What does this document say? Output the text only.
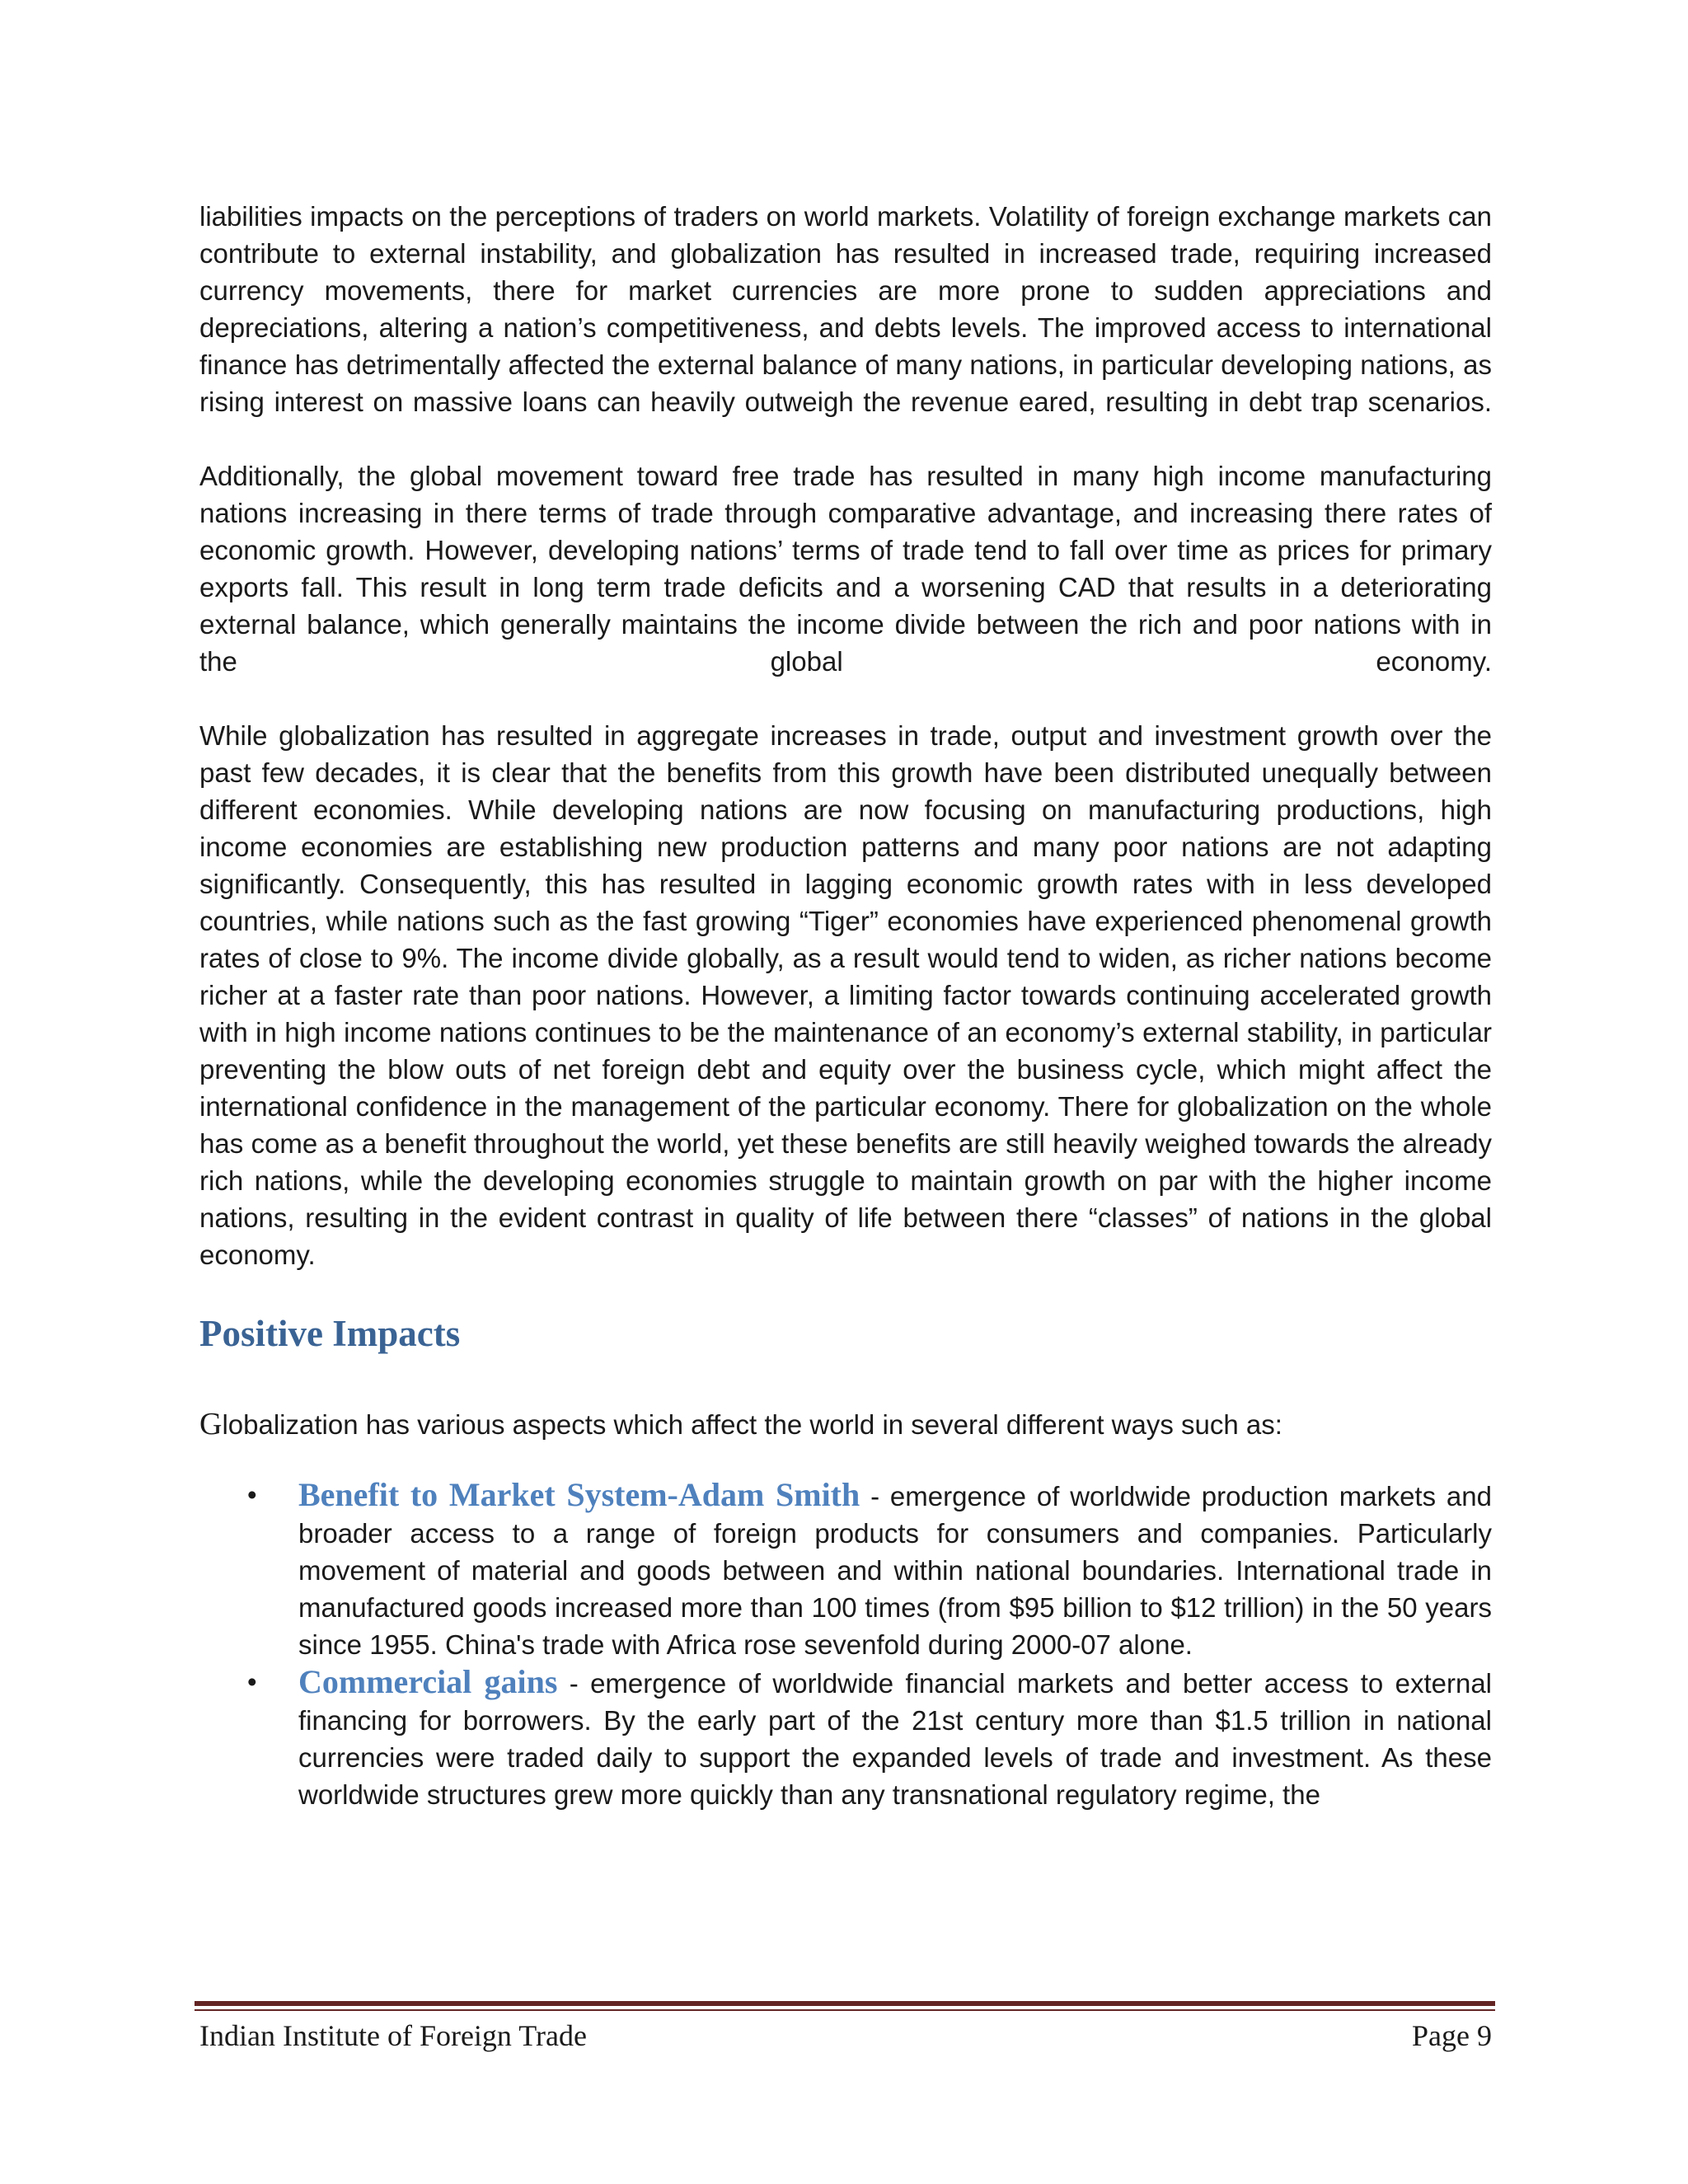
liabilities impacts on the perceptions of traders on world markets. Volatility of foreign exchange markets can contribute to external instability, and globalization has resulted in increased trade, requiring increased currency movements, there for market currencies are more prone to sudden appreciations and depreciations, altering a nation’s competitiveness, and debts levels. The improved access to international finance has detrimentally affected the external balance of many nations, in particular developing nations, as rising interest on massive loans can heavily outweigh the revenue eared, resulting in debt trap scenarios.

Additionally, the global movement toward free trade has resulted in many high income manufacturing nations increasing in there terms of trade through comparative advantage, and increasing there rates of economic growth. However, developing nations’ terms of trade tend to fall over time as prices for primary exports fall. This result in long term trade deficits and a worsening CAD that results in a deteriorating external balance, which generally maintains the income divide between the rich and poor nations with in the global economy.

While globalization has resulted in aggregate increases in trade, output and investment growth over the past few decades, it is clear that the benefits from this growth have been distributed unequally between different economies. While developing nations are now focusing on manufacturing productions, high income economies are establishing new production patterns and many poor nations are not adapting significantly. Consequently, this has resulted in lagging economic growth rates with in less developed countries, while nations such as the fast growing “Tiger” economies have experienced phenomenal growth rates of close to 9%. The income divide globally, as a result would tend to widen, as richer nations become richer at a faster rate than poor nations. However, a limiting factor towards continuing accelerated growth with in high income nations continues to be the maintenance of an economy’s external stability, in particular preventing the blow outs of net foreign debt and equity over the business cycle, which might affect the international confidence in the management of the particular economy. There for globalization on the whole has come as a benefit throughout the world, yet these benefits are still heavily weighed towards the already rich nations, while the developing economies struggle to maintain growth on par with the higher income nations, resulting in the evident contrast in quality of life between there “classes” of nations in the global economy.

Positive Impacts

Globalization has various aspects which affect the world in several different ways such as:

• Benefit to Market System-Adam Smith - emergence of worldwide production markets and broader access to a range of foreign products for consumers and companies. Particularly movement of material and goods between and within national boundaries. International trade in manufactured goods increased more than 100 times (from $95 billion to $12 trillion) in the 50 years since 1955. China's trade with Africa rose sevenfold during 2000-07 alone.
• Commercial gains - emergence of worldwide financial markets and better access to external financing for borrowers. By the early part of the 21st century more than $1.5 trillion in national currencies were traded daily to support the expanded levels of trade and investment. As these worldwide structures grew more quickly than any transnational regulatory regime, the
Indian Institute of Foreign Trade	Page 9
